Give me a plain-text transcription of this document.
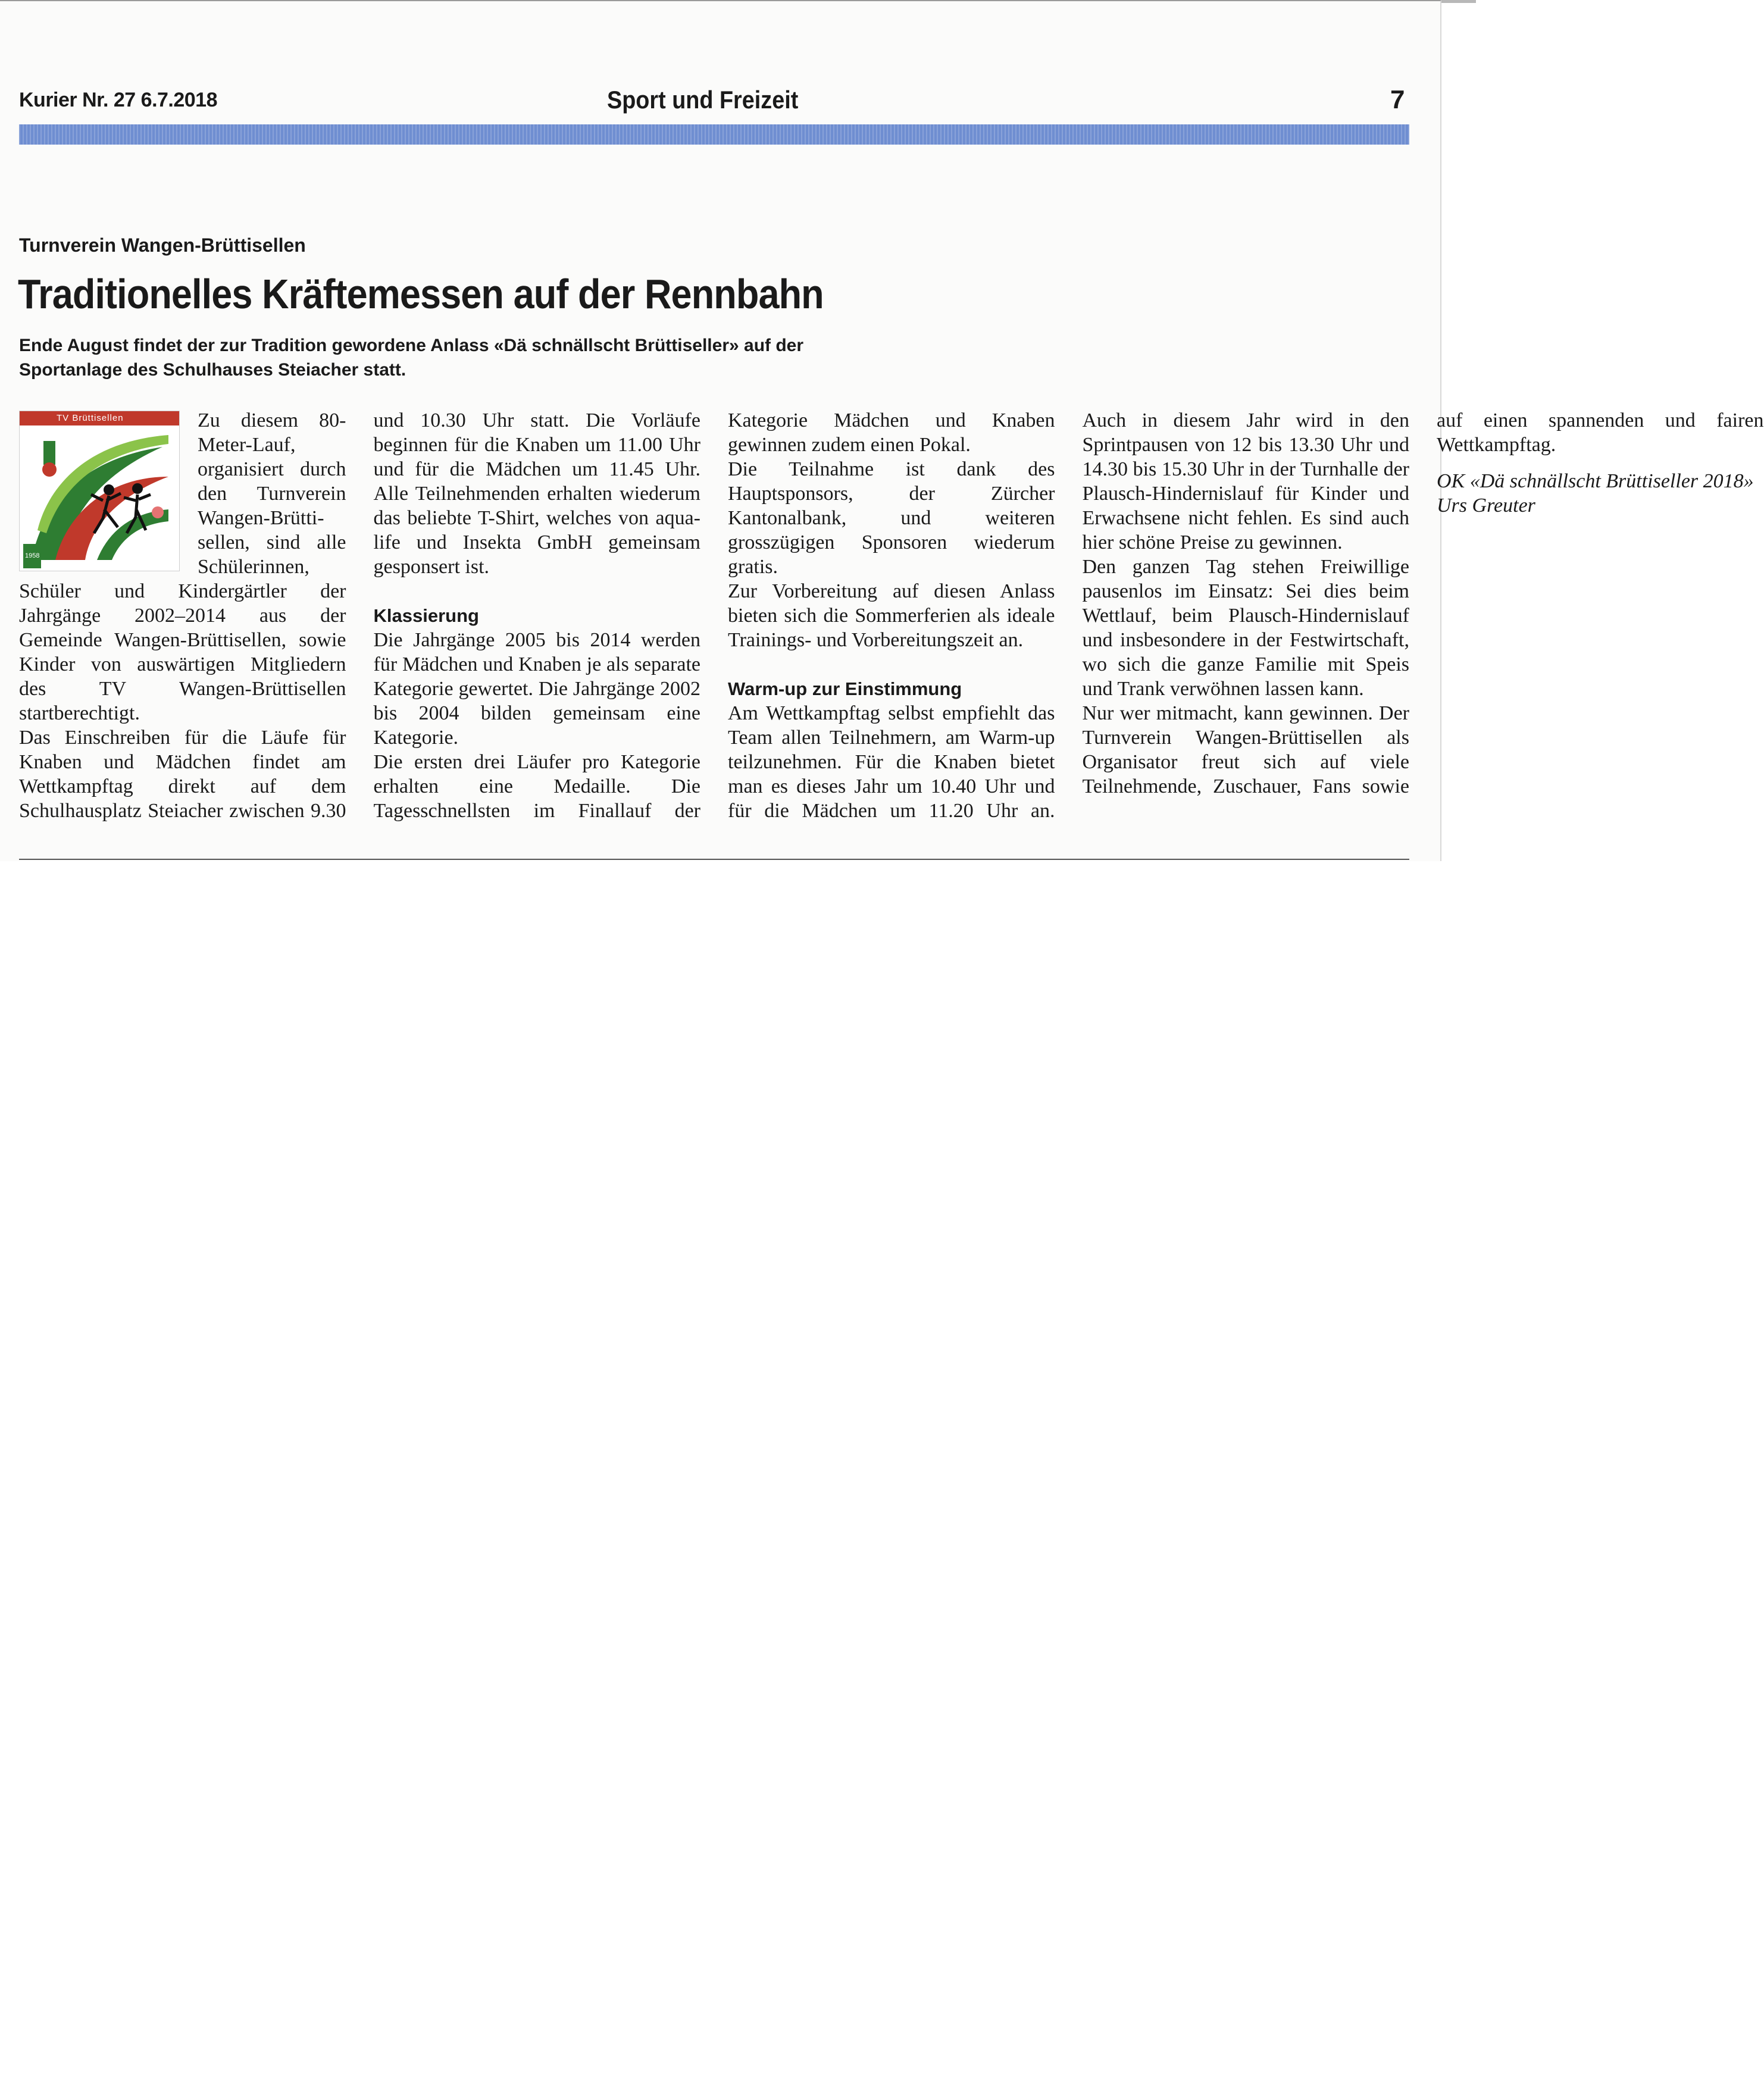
Kurier Nr. 27 6.7.2018	Sport und Freizeit	7
Turnverein Wangen-Brüttisellen
Traditionelles Kräftemessen auf der Rennbahn
Ende August findet der zur Tradition gewordene Anlass «Dä schnällscht Brüttiseller» auf der Sportanlage des Schulhauses Steiacher statt.
TV Brüttisellen
1958

Zu diesem 80-Meter-Lauf, organisiert durch den Turnverein Wangen-Brüttisellen, sind alle Schülerinnen, Schüler und Kindergärtler der Jahrgänge 2002–2014 aus der Gemeinde Wangen-Brüttisellen, sowie Kinder von auswärtigen Mitgliedern des TV Wangen-Brüttisellen startberechtigt.

Das Einschreiben für die Läufe für Knaben und Mädchen findet am Wettkampftag direkt auf dem Schulhausplatz Steiacher zwischen 9.30 und 10.30 Uhr statt. Die Vorläufe beginnen für die Knaben um 11.00 Uhr und für die Mädchen um 11.45 Uhr. Alle Teilnehmenden erhalten wiederum das beliebte T-Shirt, welches von aqua-life und Insekta GmbH gemeinsam gesponsert ist.

Klassierung

Die Jahrgänge 2005 bis 2014 werden für Mädchen und Knaben je als separate Kategorie gewertet. Die Jahrgänge 2002 bis 2004 bilden gemeinsam eine Kategorie.

Die ersten drei Läufer pro Kategorie erhalten eine Medaille. Die Tagesschnellsten im Finallauf der Kategorie Mädchen und Knaben gewinnen zudem einen Pokal.

Die Teilnahme ist dank des Hauptsponsors, der Zürcher Kantonalbank, und weiteren grosszügigen Sponsoren wiederum gratis.

Zur Vorbereitung auf diesen Anlass bieten sich die Sommerferien als ideale Trainings- und Vorbereitungszeit an.

Warm-up zur Einstimmung

Am Wettkampftag selbst empfiehlt das Team allen Teilnehmern, am Warm-up teilzunehmen. Für die Knaben bietet man es dieses Jahr um 10.40 Uhr und für die Mädchen um 11.20 Uhr an. Auch in diesem Jahr wird in den Sprintpausen von 12 bis 13.30 Uhr und 14.30 bis 15.30 Uhr in der Turnhalle der Plausch-Hindernislauf für Kinder und Erwachsene nicht fehlen. Es sind auch hier schöne Preise zu gewinnen.

Den ganzen Tag stehen Freiwillige pausenlos im Einsatz: Sei dies beim Wettlauf, beim Plausch-Hindernislauf und insbesondere in der Festwirtschaft, wo sich die ganze Familie mit Speis und Trank verwöhnen lassen kann.

Nur wer mitmacht, kann gewinnen. Der Turnverein Wangen-Brüttisellen als Organisator freut sich auf viele Teilnehmende, Zuschauer, Fans sowie auf einen spannenden und fairen Wettkampftag.

OK «Dä schnällscht Brüttiseller 2018» Urs Greuter
